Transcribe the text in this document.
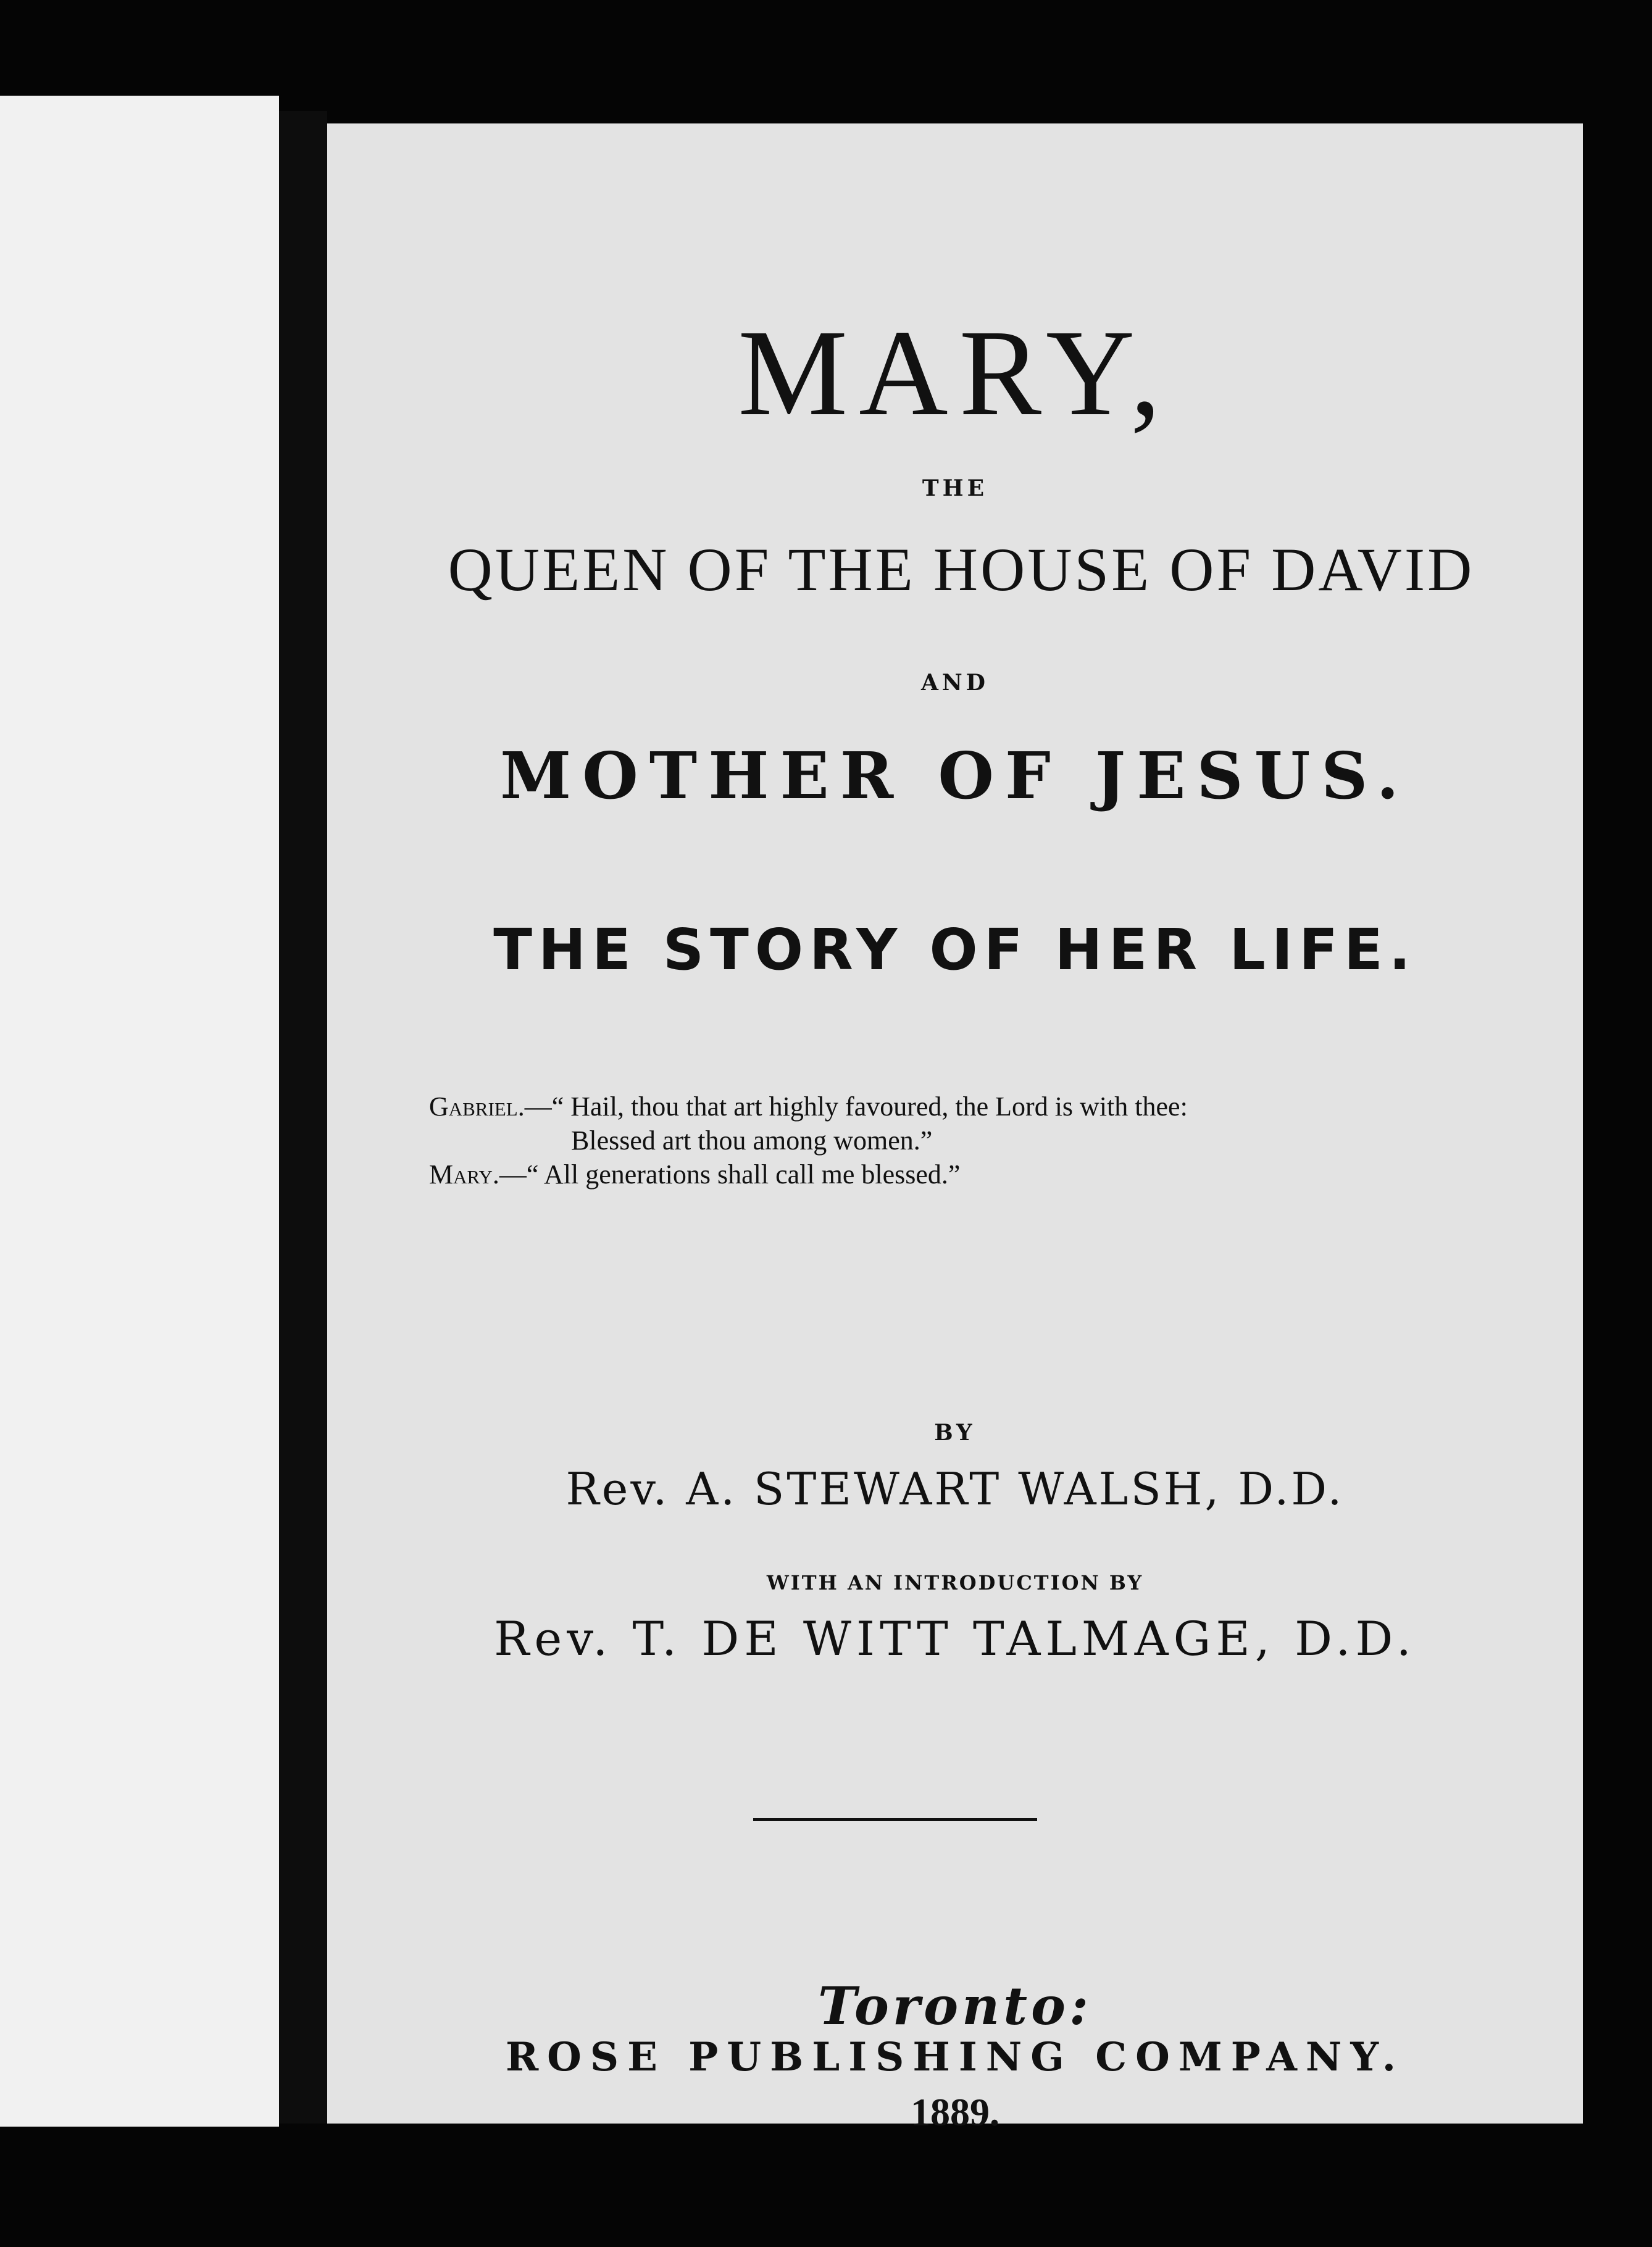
MARY,

THE

QUEEN OF THE HOUSE OF DAVID

AND

MOTHER OF JESUS.

THE STORY OF HER LIFE.

Gabriel.—“ Hail, thou that art highly favoured, the Lord is with thee:
Blessed art thou among women.”
Mary.—“ All generations shall call me blessed.”

BY

Rev. A. STEWART WALSH, D.D.

WITH AN INTRODUCTION BY

Rev. T. DE WITT TALMAGE, D.D.

Toronto:

ROSE PUBLISHING COMPANY.

1889.
